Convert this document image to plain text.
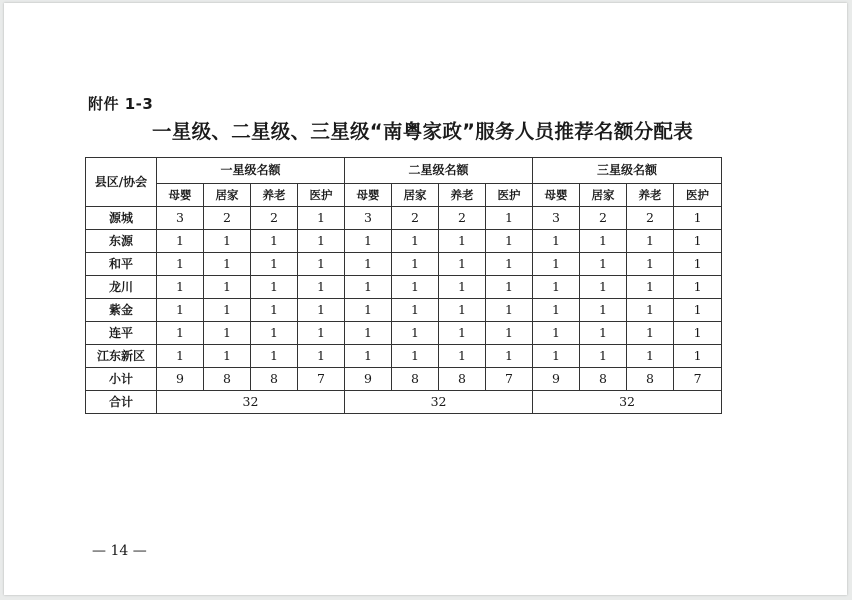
附件 1-3
一星级、二星级、三星级“南粤家政”服务人员推荐名额分配表
县区/协会	一星级名额				二星级名额				三星级名额			
	母婴	居家	养老	医护	母婴	居家	养老	医护	母婴	居家	养老	医护
源城	3	2	2	1	3	2	2	1	3	2	2	1
东源	1	1	1	1	1	1	1	1	1	1	1	1
和平	1	1	1	1	1	1	1	1	1	1	1	1
龙川	1	1	1	1	1	1	1	1	1	1	1	1
紫金	1	1	1	1	1	1	1	1	1	1	1	1
连平	1	1	1	1	1	1	1	1	1	1	1	1
江东新区	1	1	1	1	1	1	1	1	1	1	1	1
小计	9	8	8	7	9	8	8	7	9	8	8	7
合计	32				32				32			
— 14 —
